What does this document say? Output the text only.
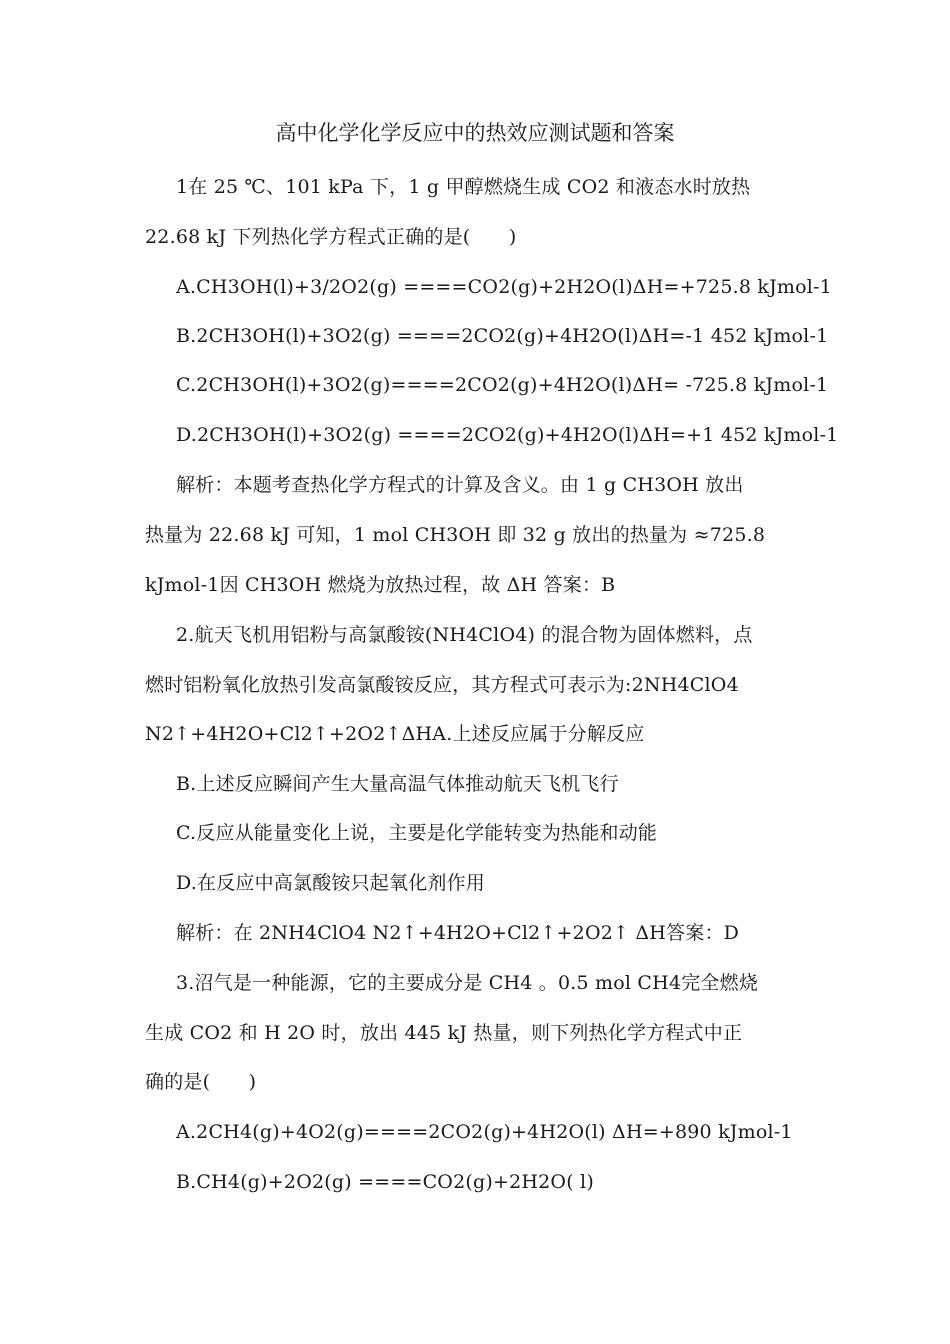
高中化学化学反应中的热效应测试题和答案
1在 25 ℃、101 kPa 下，1 g 甲醇燃烧生成 CO2 和液态水时放热
22.68 kJ 下列热化学方程式正确的是(　　)
A.CH3OH(l)+3/2O2(g) ====CO2(g)+2H2O(l)ΔH=+725.8 kJmol-1
B.2CH3OH(l)+3O2(g) ====2CO2(g)+4H2O(l)ΔH=-1 452 kJmol-1
C.2CH3OH(l)+3O2(g)====2CO2(g)+4H2O(l)ΔH= -725.8 kJmol-1
D.2CH3OH(l)+3O2(g) ====2CO2(g)+4H2O(l)ΔH=+1 452 kJmol-1
解析：本题考查热化学方程式的计算及含义。由 1 g CH3OH 放出
热量为 22.68 kJ 可知，1 mol CH3OH 即 32 g 放出的热量为 ≈725.8
kJmol-1因 CH3OH 燃烧为放热过程，故 ΔH 答案：B
2.航天飞机用铝粉与高氯酸铵(NH4ClO4) 的混合物为固体燃料，点
燃时铝粉氧化放热引发高氯酸铵反应，其方程式可表示为:2NH4ClO4
N2↑+4H2O+Cl2↑+2O2↑ΔHA.上述反应属于分解反应
B.上述反应瞬间产生大量高温气体推动航天飞机飞行
C.反应从能量变化上说，主要是化学能转变为热能和动能
D.在反应中高氯酸铵只起氧化剂作用
解析：在 2NH4ClO4 N2↑+4H2O+Cl2↑+2O2↑ ΔH答案：D
3.沼气是一种能源，它的主要成分是 CH4 。0.5 mol CH4完全燃烧
生成 CO2 和 H 2O 时，放出 445 kJ 热量，则下列热化学方程式中正
确的是(　　)
A.2CH4(g)+4O2(g)====2CO2(g)+4H2O(l) ΔH=+890 kJmol-1
B.CH4(g)+2O2(g) ====CO2(g)+2H2O( l)
